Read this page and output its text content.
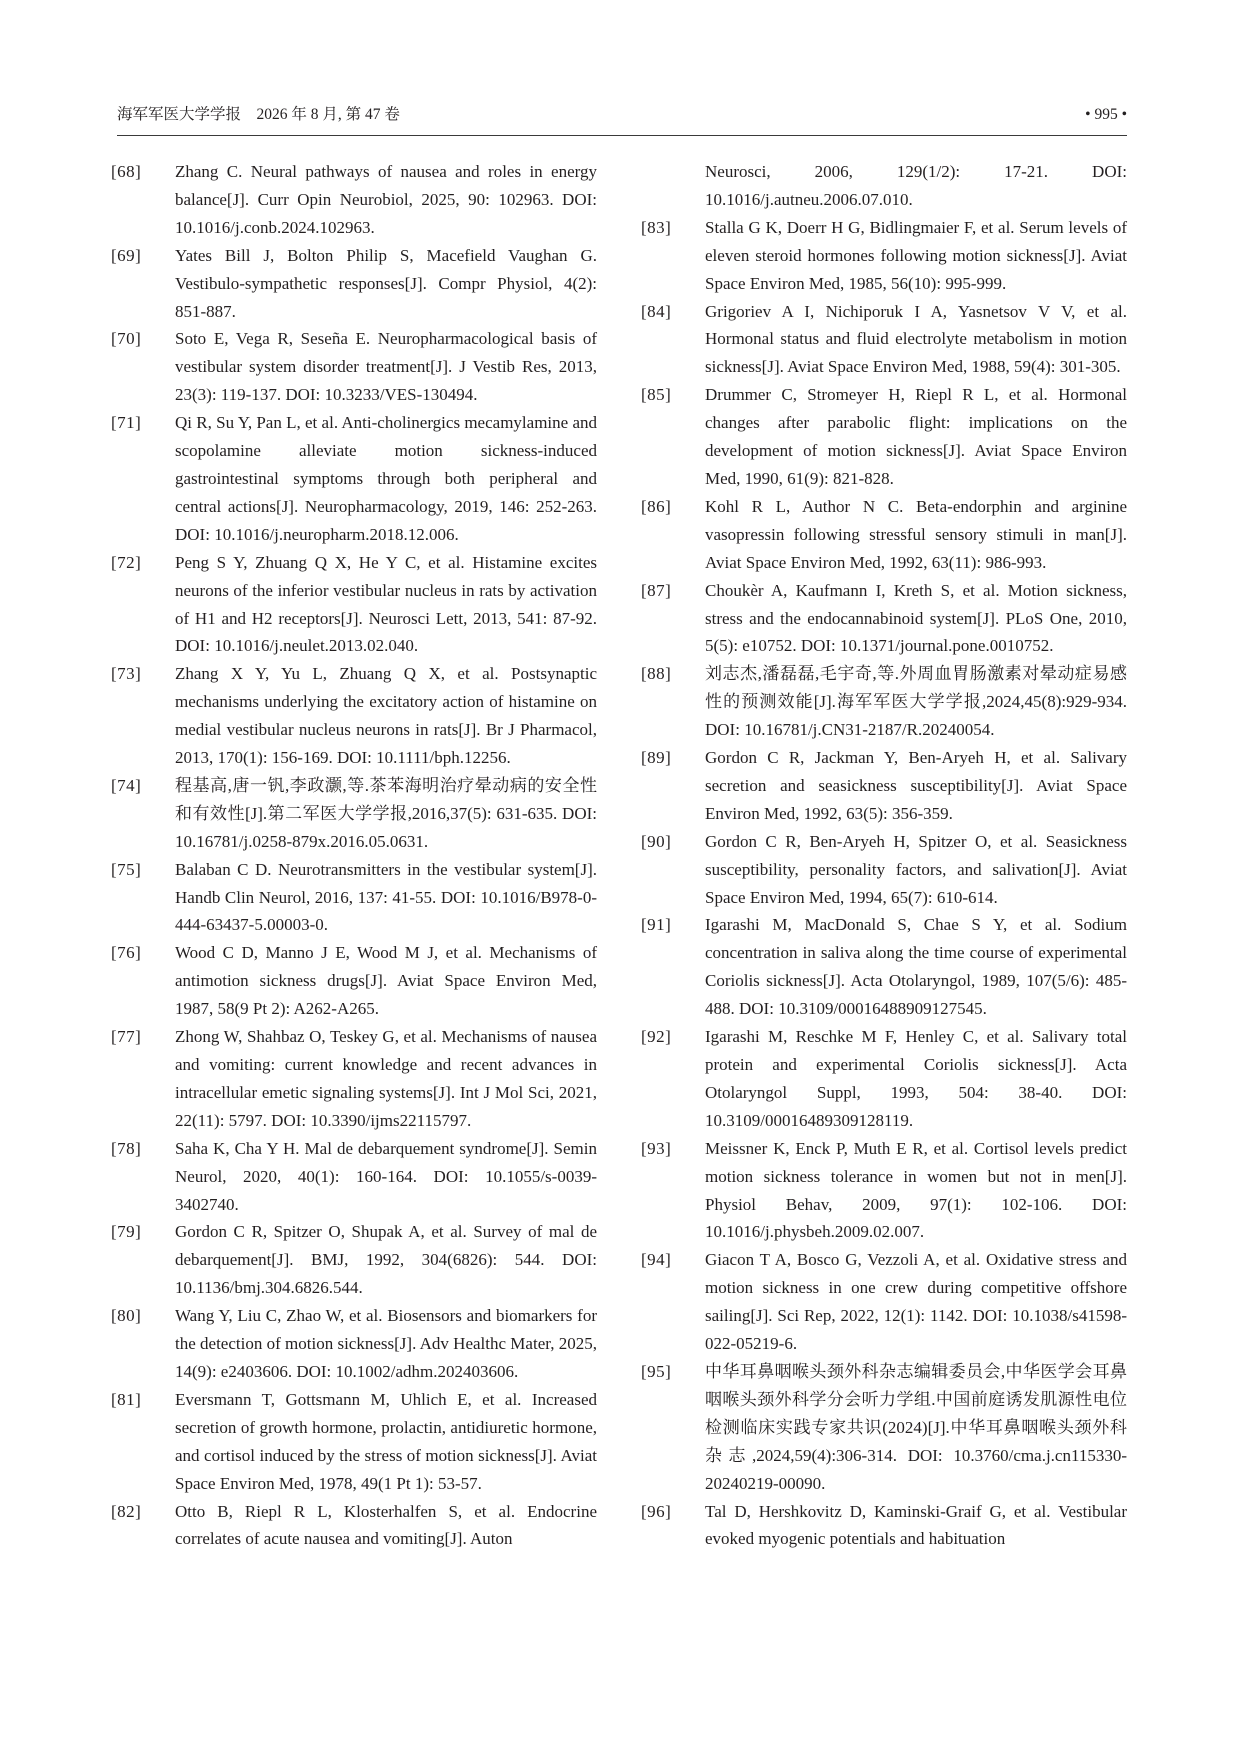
海军军医大学学报 2026 年 8 月, 第 47 卷	• 995 •
[68] Zhang C. Neural pathways of nausea and roles in energy balance[J]. Curr Opin Neurobiol, 2025, 90: 102963. DOI: 10.1016/j.conb.2024.102963.
[69] Yates Bill J, Bolton Philip S, Macefield Vaughan G. Vestibulo-sympathetic responses[J]. Compr Physiol, 4(2): 851-887.
[70] Soto E, Vega R, Seseña E. Neuropharmacological basis of vestibular system disorder treatment[J]. J Vestib Res, 2013, 23(3): 119-137. DOI: 10.3233/VES-130494.
[71] Qi R, Su Y, Pan L, et al. Anti-cholinergics mecamylamine and scopolamine alleviate motion sickness-induced gastrointestinal symptoms through both peripheral and central actions[J]. Neuropharmacology, 2019, 146: 252-263. DOI: 10.1016/j.neuropharm.2018.12.006.
[72] Peng S Y, Zhuang Q X, He Y C, et al. Histamine excites neurons of the inferior vestibular nucleus in rats by activation of H1 and H2 receptors[J]. Neurosci Lett, 2013, 541: 87-92. DOI: 10.1016/j.neulet.2013.02.040.
[73] Zhang X Y, Yu L, Zhuang Q X, et al. Postsynaptic mechanisms underlying the excitatory action of histamine on medial vestibular nucleus neurons in rats[J]. Br J Pharmacol, 2013, 170(1): 156-169. DOI: 10.1111/bph.12256.
[74] 程基高,唐一钒,李政灏,等.茶苯海明治疗晕动病的安全性和有效性[J].第二军医大学学报,2016,37(5): 631-635. DOI: 10.16781/j.0258-879x.2016.05.0631.
[75] Balaban C D. Neurotransmitters in the vestibular system[J]. Handb Clin Neurol, 2016, 137: 41-55. DOI: 10.1016/B978-0-444-63437-5.00003-0.
[76] Wood C D, Manno J E, Wood M J, et al. Mechanisms of antimotion sickness drugs[J]. Aviat Space Environ Med, 1987, 58(9 Pt 2): A262-A265.
[77] Zhong W, Shahbaz O, Teskey G, et al. Mechanisms of nausea and vomiting: current knowledge and recent advances in intracellular emetic signaling systems[J]. Int J Mol Sci, 2021, 22(11): 5797. DOI: 10.3390/ijms22115797.
[78] Saha K, Cha Y H. Mal de debarquement syndrome[J]. Semin Neurol, 2020, 40(1): 160-164. DOI: 10.1055/s-0039-3402740.
[79] Gordon C R, Spitzer O, Shupak A, et al. Survey of mal de debarquement[J]. BMJ, 1992, 304(6826): 544. DOI: 10.1136/bmj.304.6826.544.
[80] Wang Y, Liu C, Zhao W, et al. Biosensors and biomarkers for the detection of motion sickness[J]. Adv Healthc Mater, 2025, 14(9): e2403606. DOI: 10.1002/adhm.202403606.
[81] Eversmann T, Gottsmann M, Uhlich E, et al. Increased secretion of growth hormone, prolactin, antidiuretic hormone, and cortisol induced by the stress of motion sickness[J]. Aviat Space Environ Med, 1978, 49(1 Pt 1): 53-57.
[82] Otto B, Riepl R L, Klosterhalfen S, et al. Endocrine correlates of acute nausea and vomiting[J]. Auton
Neurosci, 2006, 129(1/2): 17-21. DOI: 10.1016/j.autneu.2006.07.010.
[83] Stalla G K, Doerr H G, Bidlingmaier F, et al. Serum levels of eleven steroid hormones following motion sickness[J]. Aviat Space Environ Med, 1985, 56(10): 995-999.
[84] Grigoriev A I, Nichiporuk I A, Yasnetsov V V, et al. Hormonal status and fluid electrolyte metabolism in motion sickness[J]. Aviat Space Environ Med, 1988, 59(4): 301-305.
[85] Drummer C, Stromeyer H, Riepl R L, et al. Hormonal changes after parabolic flight: implications on the development of motion sickness[J]. Aviat Space Environ Med, 1990, 61(9): 821-828.
[86] Kohl R L, Author N C. Beta-endorphin and arginine vasopressin following stressful sensory stimuli in man[J]. Aviat Space Environ Med, 1992, 63(11): 986-993.
[87] Choukèr A, Kaufmann I, Kreth S, et al. Motion sickness, stress and the endocannabinoid system[J]. PLoS One, 2010, 5(5): e10752. DOI: 10.1371/journal.pone.0010752.
[88] 刘志杰,潘磊磊,毛宇奇,等.外周血胃肠激素对晕动症易感性的预测效能[J].海军军医大学学报,2024,45(8):929-934. DOI: 10.16781/j.CN31-2187/R.20240054.
[89] Gordon C R, Jackman Y, Ben-Aryeh H, et al. Salivary secretion and seasickness susceptibility[J]. Aviat Space Environ Med, 1992, 63(5): 356-359.
[90] Gordon C R, Ben-Aryeh H, Spitzer O, et al. Seasickness susceptibility, personality factors, and salivation[J]. Aviat Space Environ Med, 1994, 65(7): 610-614.
[91] Igarashi M, MacDonald S, Chae S Y, et al. Sodium concentration in saliva along the time course of experimental Coriolis sickness[J]. Acta Otolaryngol, 1989, 107(5/6): 485-488. DOI: 10.3109/00016488909127545.
[92] Igarashi M, Reschke M F, Henley C, et al. Salivary total protein and experimental Coriolis sickness[J]. Acta Otolaryngol Suppl, 1993, 504: 38-40. DOI: 10.3109/00016489309128119.
[93] Meissner K, Enck P, Muth E R, et al. Cortisol levels predict motion sickness tolerance in women but not in men[J]. Physiol Behav, 2009, 97(1): 102-106. DOI: 10.1016/j.physbeh.2009.02.007.
[94] Giacon T A, Bosco G, Vezzoli A, et al. Oxidative stress and motion sickness in one crew during competitive offshore sailing[J]. Sci Rep, 2022, 12(1): 1142. DOI: 10.1038/s41598-022-05219-6.
[95] 中华耳鼻咽喉头颈外科杂志编辑委员会,中华医学会耳鼻咽喉头颈外科学分会听力学组.中国前庭诱发肌源性电位检测临床实践专家共识(2024)[J].中华耳鼻咽喉头颈外科杂志,2024,59(4):306-314. DOI: 10.3760/cma.j.cn115330-20240219-00090.
[96] Tal D, Hershkovitz D, Kaminski-Graif G, et al. Vestibular evoked myogenic potentials and habituation
